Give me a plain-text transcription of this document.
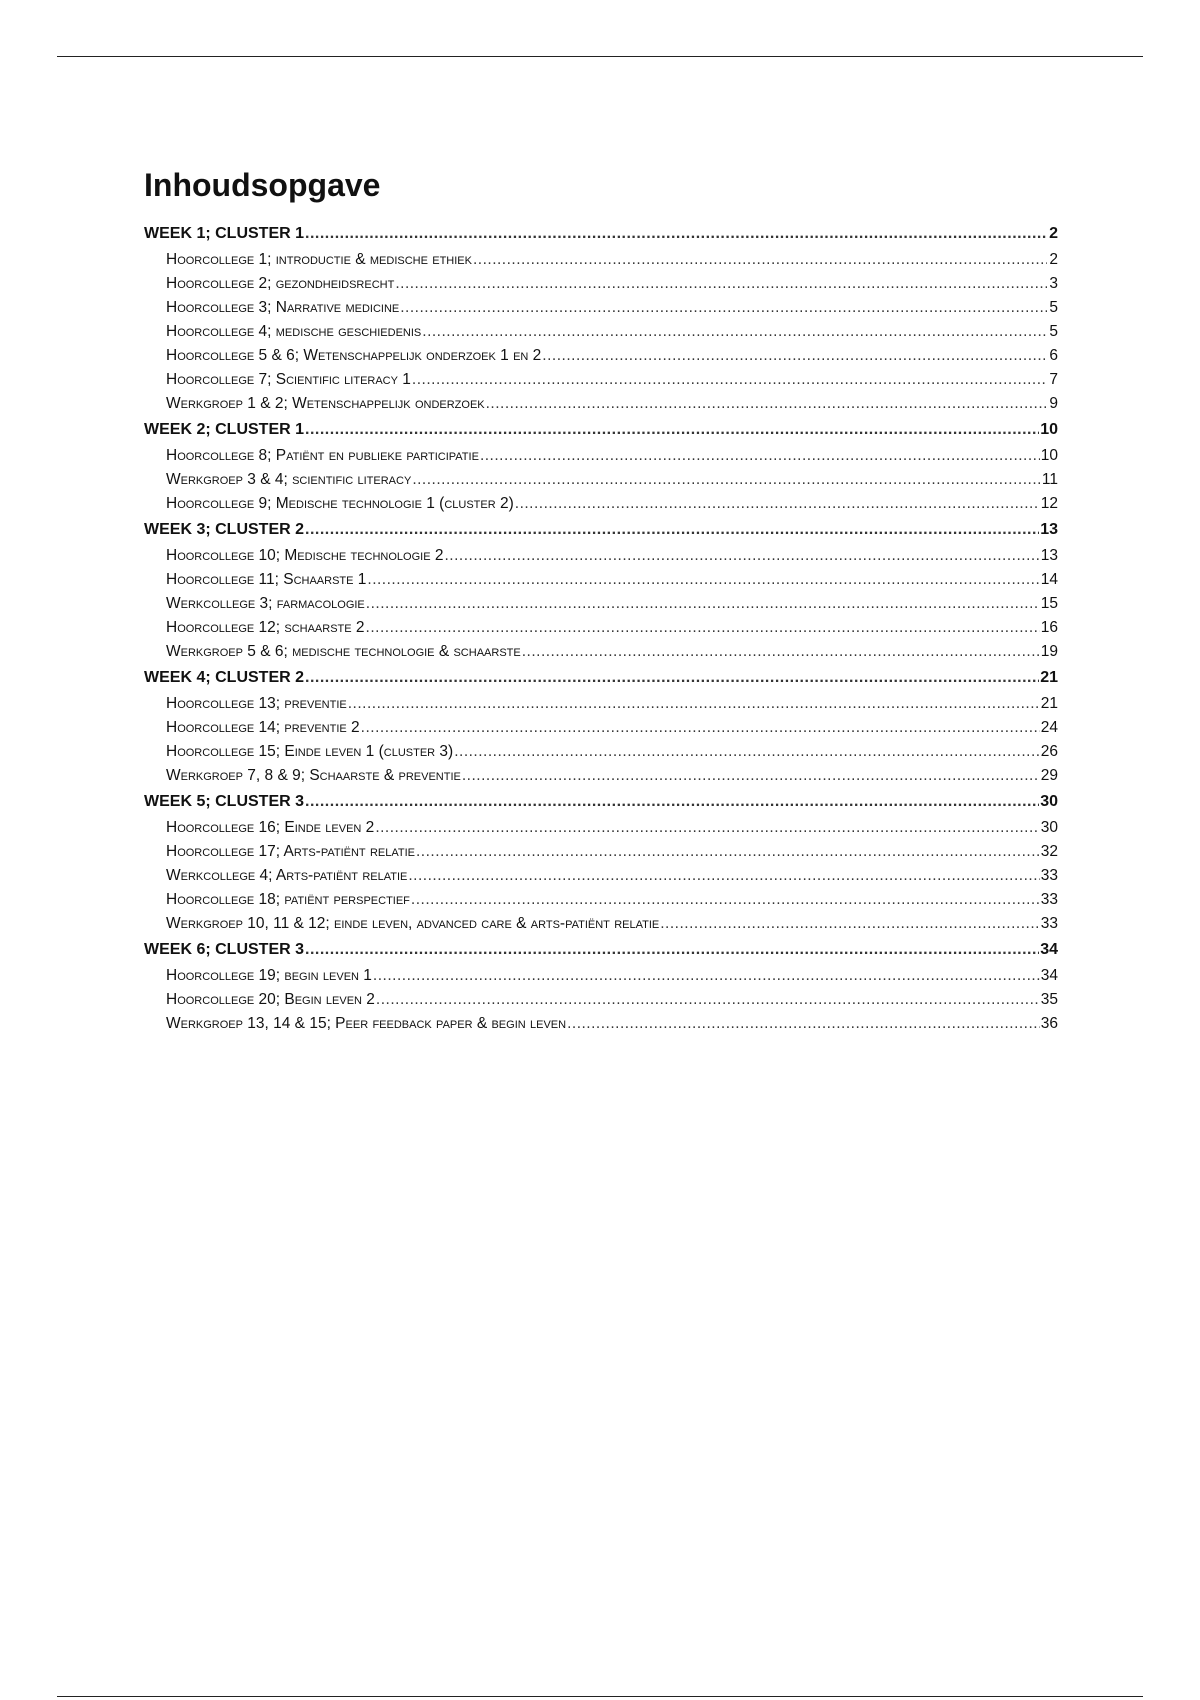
Inhoudsopgave
WEEK 1; CLUSTER 1 .....	2
Hoorcollege 1; introductie & medische ethiek .....	2
Hoorcollege 2; gezondheidsrecht .....	3
Hoorcollege 3; Narrative medicine .....	5
Hoorcollege 4; medische geschiedenis .....	5
Hoorcollege 5 & 6; Wetenschappelijk onderzoek 1 en 2 .....	6
Hoorcollege 7; Scientific literacy 1 .....	7
Werkgroep 1 & 2; Wetenschappelijk onderzoek .....	9
WEEK 2; CLUSTER 1 .....	10
Hoorcollege 8; Patiënt en publieke participatie .....	10
Werkgroep 3 & 4; scientific literacy .....	11
Hoorcollege 9; Medische technologie 1 (cluster 2) .....	12
WEEK 3; CLUSTER 2 .....	13
Hoorcollege 10; Medische technologie 2 .....	13
Hoorcollege 11; Schaarste 1 .....	14
Werkcollege 3; farmacologie .....	15
Hoorcollege 12; schaarste 2 .....	16
Werkgroep 5 & 6; medische technologie & schaarste .....	19
WEEK 4; CLUSTER 2 .....	21
Hoorcollege 13; preventie .....	21
Hoorcollege 14; preventie 2 .....	24
Hoorcollege 15; Einde leven 1 (cluster 3) .....	26
Werkgroep 7, 8 & 9; Schaarste & preventie .....	29
WEEK 5; CLUSTER 3 .....	30
Hoorcollege 16; Einde leven 2 .....	30
Hoorcollege 17; Arts-patiënt relatie .....	32
Werkcollege 4; Arts-patiënt relatie .....	33
Hoorcollege 18; patiënt perspectief .....	33
Werkgroep 10, 11 & 12; einde leven, advanced care & arts-patiënt relatie .....	33
WEEK 6; CLUSTER 3 .....	34
Hoorcollege 19; begin leven 1 .....	34
Hoorcollege 20; Begin leven 2 .....	35
Werkgroep 13, 14 & 15; Peer feedback paper & begin leven .....	36
